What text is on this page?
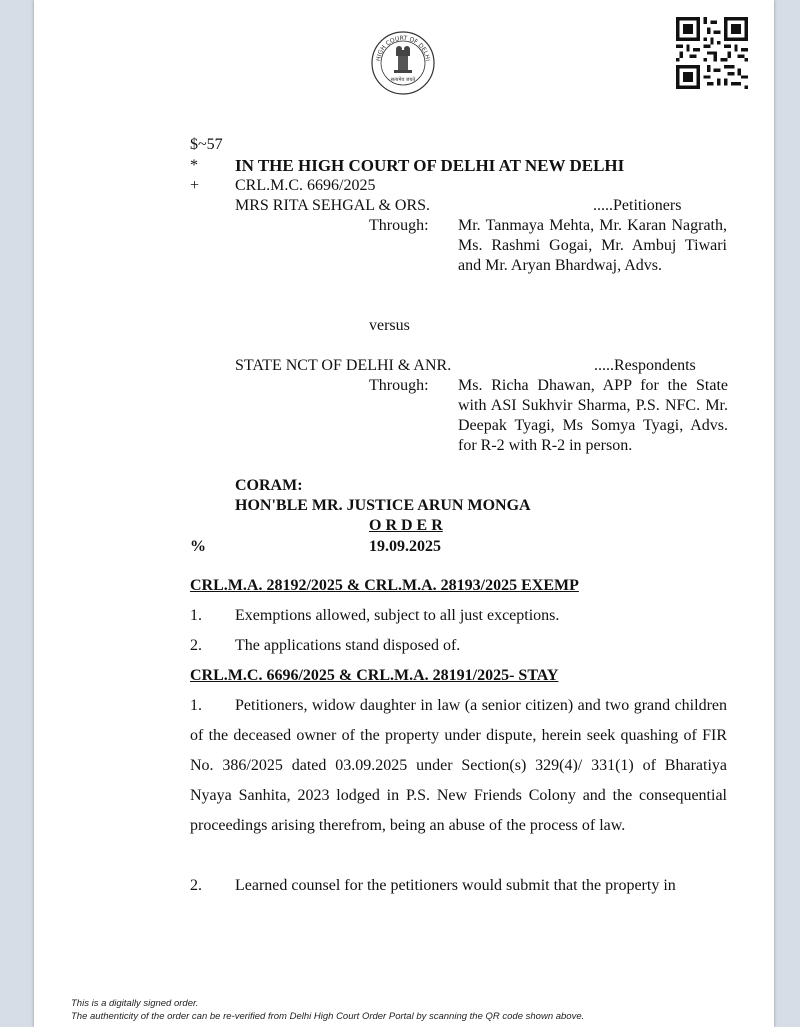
HIGH COURT OF DELHI
सत्यमेव जयते
$~57
* IN THE HIGH COURT OF DELHI AT NEW DELHI
+ CRL.M.C. 6696/2025
MRS RITA SEHGAL & ORS.	.....Petitioners
Through: Mr. Tanmaya Mehta, Mr. Karan Nagrath, Ms. Rashmi Gogai, Mr. Ambuj Tiwari and Mr. Aryan Bhardwaj, Advs.
versus
STATE NCT OF DELHI & ANR.	.....Respondents
Through: Ms. Richa Dhawan, APP for the State with ASI Sukhvir Sharma, P.S. NFC. Mr. Deepak Tyagi, Ms Somya Tyagi, Advs. for R-2 with R-2 in person.
CORAM:
HON'BLE MR. JUSTICE ARUN MONGA
O R D E R
%	19.09.2025
CRL.M.A. 28192/2025 & CRL.M.A. 28193/2025 EXEMP
1. Exemptions allowed, subject to all just exceptions.
2. The applications stand disposed of.
CRL.M.C. 6696/2025 & CRL.M.A. 28191/2025- STAY
1. Petitioners, widow daughter in law (a senior citizen) and two grand children of the deceased owner of the property under dispute, herein seek quashing of FIR No. 386/2025 dated 03.09.2025 under Section(s) 329(4)/ 331(1) of Bharatiya Nyaya Sanhita, 2023 lodged in P.S. New Friends Colony and the consequential proceedings arising therefrom, being an abuse of the process of law.
2. Learned counsel for the petitioners would submit that the property in
This is a digitally signed order.
The authenticity of the order can be re-verified from Delhi High Court Order Portal by scanning the QR code shown above.
